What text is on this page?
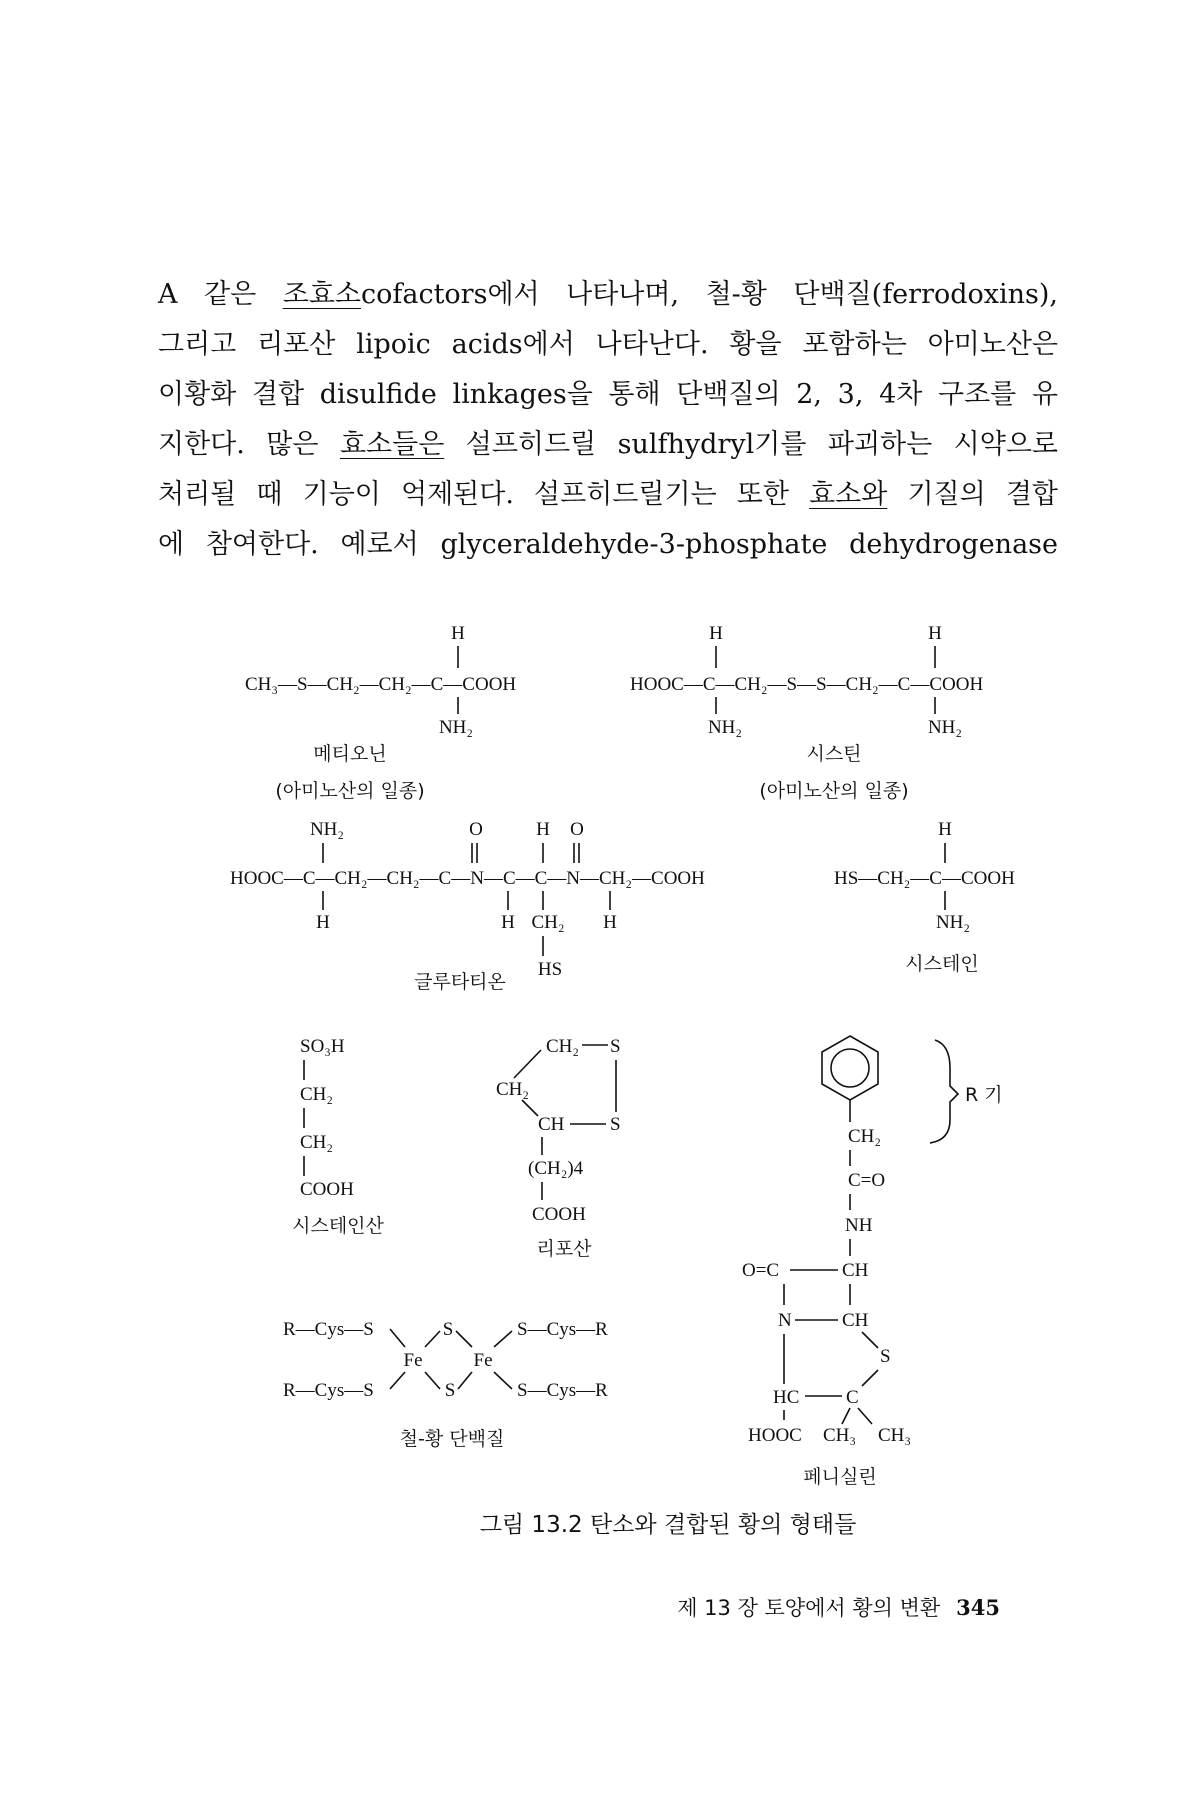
A 같은 조효소cofactors에서 나타나며, 철-황 단백질(ferrodoxins),
그리고 리포산 lipoic acids에서 나타난다. 황을 포함하는 아미노산은
이황화 결합 disulfide linkages을 통해 단백질의 2, 3, 4차 구조를 유
지한다. 많은 효소들은 설프히드릴 sulfhydryl기를 파괴하는 시약으로
처리될 때 기능이 억제된다. 설프히드릴기는 또한 효소와 기질의 결합
에 참여한다. 예로서 glyceraldehyde-3-phosphate dehydrogenase
H
CH₃—S—CH₂—CH₂—C—COOH
NH₂
메티오닌
(아미노산의 일종)
H	H
HOOC—C—CH₂—S—S—CH₂—C—COOH
NH₂	NH₂
시스틴
(아미노산의 일종)
NH₂	O	H O
HOOC—C—CH₂—CH₂—C—N—C—C—N—CH₂—COOH
H	H CH₂ H
HS
글루타티온
H
HS—CH₂—C—COOH
NH₂
시스테인
SO₃H
CH₂
CH₂
COOH
시스테인산
CH₂ S
CH₂
CH S
(CH₂)4
COOH
리포산
R—Cys—S
R—Cys—S
S
S
Fe	Fe
S—Cys—R
S—Cys—R
철-황 단백질
R 기
CH₂
C=O
NH
O=C	CH
N	CH
S
HC C
HOOC CH₃ CH₃
페니실린
그림 13.2 탄소와 결합된 황의 형태들
제 13 장 토양에서 황의 변환 345
